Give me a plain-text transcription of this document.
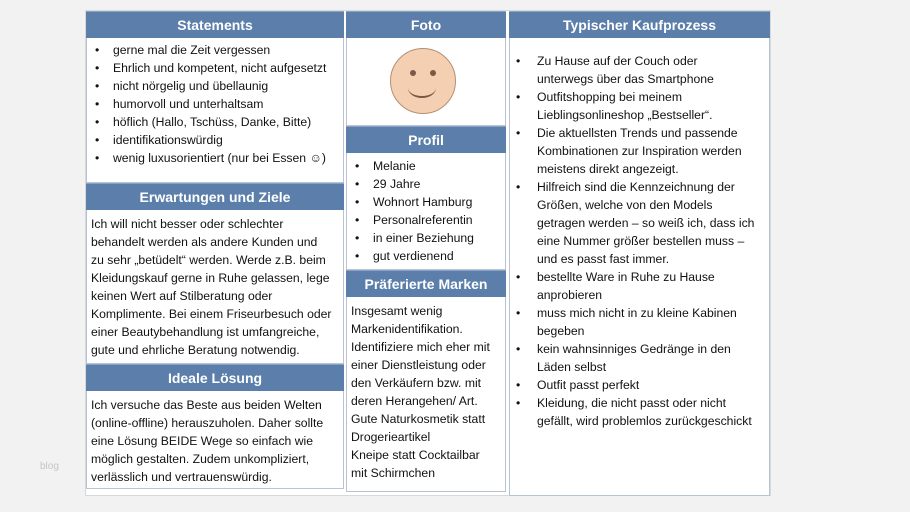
blog
Statements
• gerne mal die Zeit vergessen
• Ehrlich und kompetent, nicht aufgesetzt
• nicht nörgelig und übellaunig
• humorvoll und unterhaltsam
• höflich (Hallo, Tschüss, Danke, Bitte)
• identifikationswürdig
• wenig luxusorientiert (nur bei Essen ☺)
Erwartungen und Ziele
Ich will nicht besser oder schlechter
behandelt werden als andere Kunden und
zu sehr „betüdelt“ werden. Werde z.B. beim
Kleidungskauf gerne in Ruhe gelassen, lege
keinen Wert auf Stilberatung oder
Komplimente. Bei einem Friseurbesuch oder
einer Beautybehandlung ist umfangreiche,
gute und ehrliche Beratung notwendig.
Ideale Lösung
Ich versuche das Beste aus beiden Welten
(online-offline) herauszuholen. Daher sollte
eine Lösung BEIDE Wege so einfach wie
möglich gestalten. Zudem unkompliziert,
verlässlich und vertrauenswürdig.
Foto
Profil
• Melanie
• 29 Jahre
• Wohnort Hamburg
• Personalreferentin
• in einer Beziehung
• gut verdienend
Präferierte Marken
Insgesamt wenig
Markenidentifikation.
Identifiziere mich eher mit
einer Dienstleistung oder
den Verkäufern bzw. mit
deren Herangehen/ Art.
Gute Naturkosmetik statt
Drogerieartikel
Kneipe statt Cocktailbar
mit Schirmchen
Typischer Kaufprozess
• Zu Hause auf der Couch oder
unterwegs über das Smartphone
• Outfitshopping bei meinem
Lieblingsonlineshop „Bestseller“.
• Die aktuellsten Trends und passende
Kombinationen zur Inspiration werden
meistens direkt angezeigt.
• Hilfreich sind die Kennzeichnung der
Größen, welche von den Models
getragen werden – so weiß ich, dass ich
eine Nummer größer bestellen muss –
und es passt fast immer.
• bestellte Ware in Ruhe zu Hause
anprobieren
• muss mich nicht in zu kleine Kabinen
begeben
• kein wahnsinniges Gedränge in den
Läden selbst
• Outfit passt perfekt
• Kleidung, die nicht passt oder nicht
gefällt, wird problemlos zurückgeschickt
